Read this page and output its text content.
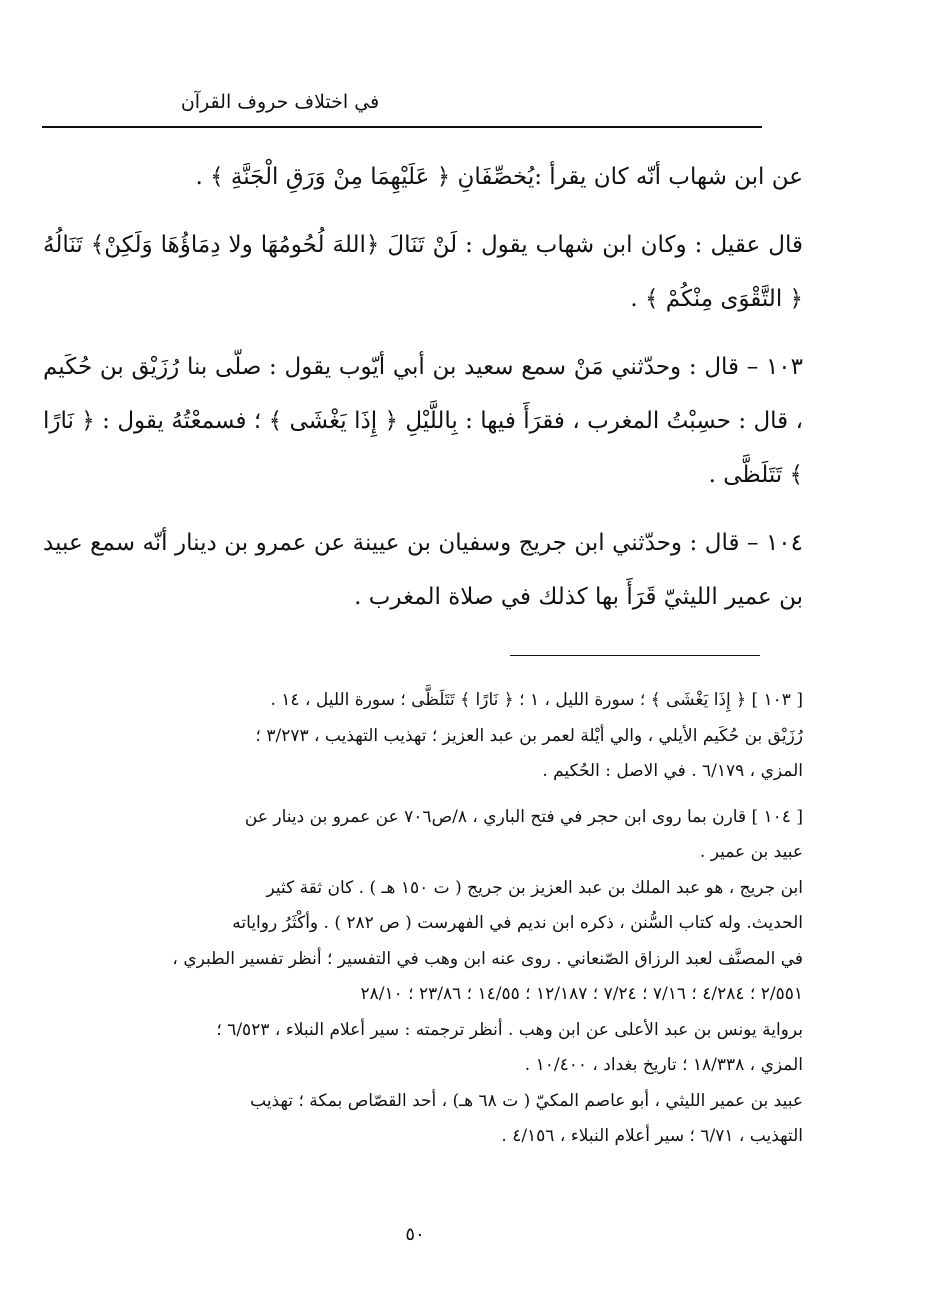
في اختلاف حروف القرآن

عن ابن شهاب أنّه كان يقرأ :يُخصِّفَانِ ﴿ عَلَيْهِمَا مِنْ وَرَقِ الْجَنَّةِ ﴾ .

قال عقيل : وكان ابن شهاب يقول : لَنْ تَنَالَ ﴿اللهَ لُحُومُهَا ولا دِمَاؤُهَا وَلَكِنْ﴾ تَنَالُهُ ﴿ التَّقْوَى مِنْكُمْ ﴾ .

١٠٣ – قال : وحدّثني مَنْ سمع سعيد بن أبي أيّوب يقول : صلّى بنا رُزَيْق بن حُكَيم ، قال : حسِبْتُ المغرب ، فقرَأَ فيها : بِاللَّيْلِ ﴿ إِذَا يَغْشَى ﴾ ؛ فسمعْتُهُ يقول : ﴿ نَارًا ﴾ تَتَلَظَّى .

١٠٤ – قال : وحدّثني ابن جريج وسفيان بن عيينة عن عمرو بن دينار أنّه سمع عبيد بن عمير الليثيّ قَرَأَ بها كذلك في صلاة المغرب .

[ ١٠٣ ] ﴿ إِذَا يَغْشَى ﴾ ؛ سورة الليل ، ١ ؛ ﴿ نَارًا ﴾ تَتَلَظَّى ؛ سورة الليل ، ١٤ .

رُزَيْق بن حُكَيم الأيلي ، والي أيْلة لعمر بن عبد العزيز ؛ تهذيب التهذيب ، ٣/٢٧٣ ؛

المزي ، ٦/١٧٩ . في الاصل : الحُكيم .

[ ١٠٤ ] قارن بما روى ابن حجر في فتح الباري ، ٨/ص٧٠٦ عن عمرو بن دينار عن

عبيد بن عمير .

ابن جريج ، هو عبد الملك بن عبد العزيز بن جريج ( ت ١٥٠ هـ ) . كان ثقة كثير

الحديث. وله كتاب السُّنن ، ذكره ابن نديم في الفهرست ( ص ٢٨٢ ) . وأكْثَرُ رواياته

في المصنَّف لعبد الرزاق الصّنعاني . روى عنه ابن وهب في التفسير ؛ أنظر تفسير الطبري ،

٢/٥٥١ ؛ ٤/٢٨٤ ؛ ٧/١٦ ؛ ٧/٢٤ ؛ ١٢/١٨٧ ؛ ١٤/٥٥ ؛ ٢٣/٨٦ ؛ ٢٨/١٠

برواية يونس بن عبد الأعلى عن ابن وهب . أنظر ترجمته : سير أعلام النبلاء ، ٦/٥٢٣ ؛

المزي ، ١٨/٣٣٨ ؛ تاريخ بغداد ، ١٠/٤٠٠ .

عبيد بن عمير الليثي ، أبو عاصم المكيّ ( ت ٦٨ هـ) ، أحد القصّاص بمكة ؛ تهذيب

التهذيب ، ٦/٧١ ؛ سير أعلام النبلاء ، ٤/١٥٦ .

٥٠
